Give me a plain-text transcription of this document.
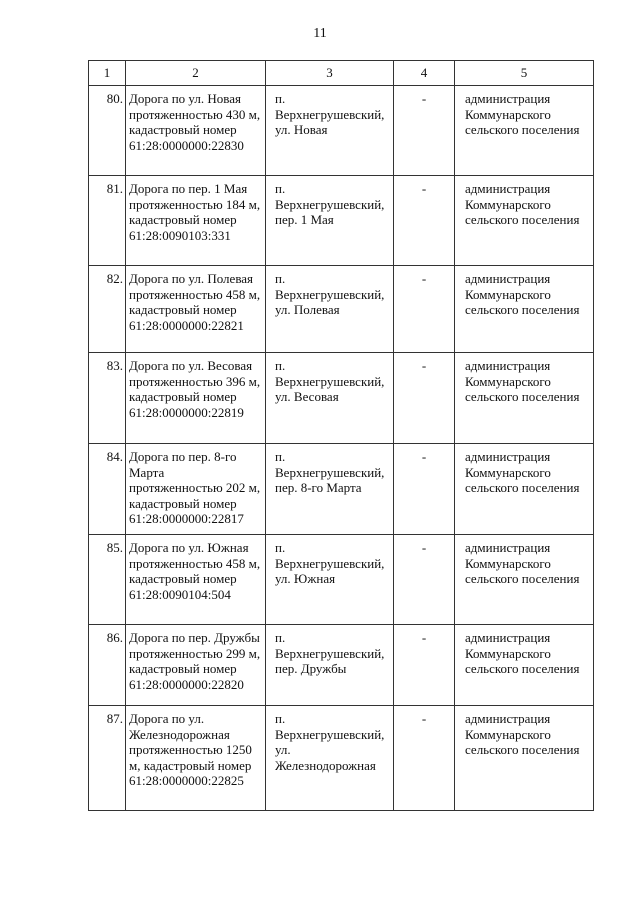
11
1	2	3	4	5
80.	Дорога по ул. Новая протяженностью 430 м, кадастровый номер 61:28:0000000:22830	п. Верхнегрушевский, ул. Новая	-	администрация Коммунарского сельского поселения
81.	Дорога по пер. 1 Мая протяженностью 184 м, кадастровый номер 61:28:0090103:331	п. Верхнегрушевский, пер. 1 Мая	-	администрация Коммунарского сельского поселения
82.	Дорога по ул. Полевая протяженностью 458 м, кадастровый номер 61:28:0000000:22821	п. Верхнегрушевский, ул. Полевая	-	администрация Коммунарского сельского поселения
83.	Дорога по ул. Весовая протяженностью 396 м, кадастровый номер 61:28:0000000:22819	п. Верхнегрушевский, ул. Весовая	-	администрация Коммунарского сельского поселения
84.	Дорога по пер. 8-го Марта протяженностью 202 м, кадастровый номер 61:28:0000000:22817	п. Верхнегрушевский, пер. 8-го Марта	-	администрация Коммунарского сельского поселения
85.	Дорога по ул. Южная протяженностью 458 м, кадастровый номер 61:28:0090104:504	п. Верхнегрушевский, ул. Южная	-	администрация Коммунарского сельского поселения
86.	Дорога по пер. Дружбы протяженностью 299 м, кадастровый номер 61:28:0000000:22820	п. Верхнегрушевский, пер. Дружбы	-	администрация Коммунарского сельского поселения
87.	Дорога по ул. Железнодорожная протяженностью 1250 м, кадастровый номер 61:28:0000000:22825	п. Верхнегрушевский, ул. Железнодорожная	-	администрация Коммунарского сельского поселения
